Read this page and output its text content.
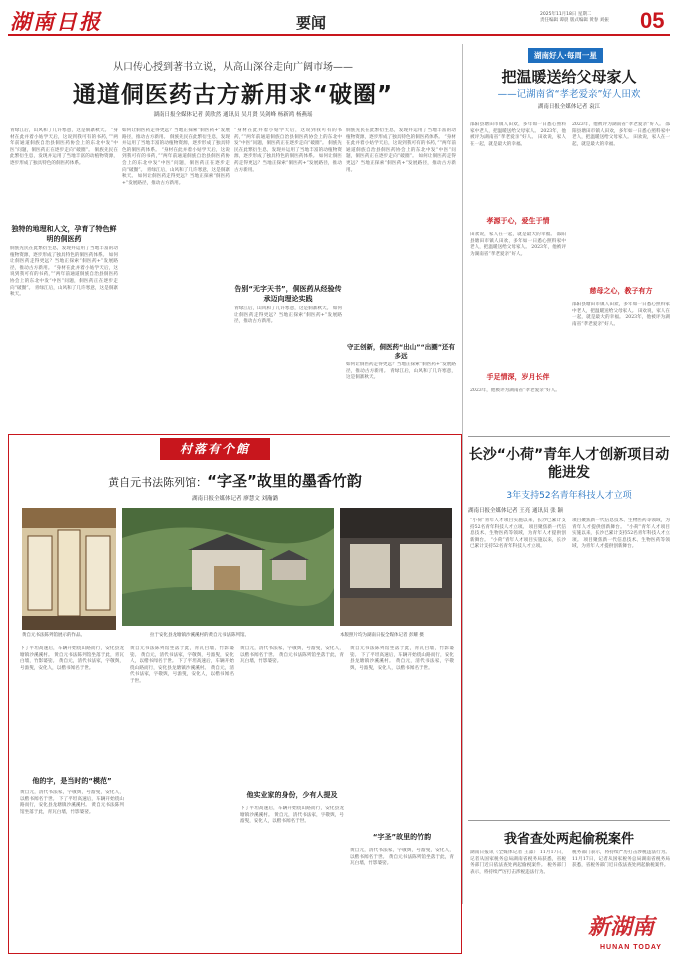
湖南日报	要闻	2025年11月18日 星期二
责任编辑 谭晨 版式编辑 黄春 刘振	05
从口传心授到著书立说，从高山深谷走向广阔市场——
通道侗医药古方新用求“破圈”
湖南日报全媒体记者 黄欣然 通讯员 吴月贤 吴剑峰 杨新鸿 杨燕瑶
青绿江后，山风和了几许寒意，这是侗寨秋天。 “身材在此并着小姑学天后，这说到我可有的书药，””两年前通道侗族自治县侗医药协会上的东北中发“中医”问题，侗医药正在逐步走向“破圈”。 侗族先民在此繁衍生息，发现并运用了当地丰富的动植物资源，逐步形成了独具特色的侗医药体系。
独特的地理和人文，孕育了特色鲜明的侗医药
侗族先民在此繁衍生息，发现并运用了当地丰富的动植物资源，逐步形成了独具特色的侗医药体系。 如何让侗医药走得更远？当地正探索“侗医药+”发展路径，推动古方新用。 “身材在此并着小姑学天后，这说到我可有的书药，””两年前通道侗族自治县侗医药协会上的东北中发“中医”问题，侗医药正在逐步走向“破圈”。 青绿江后，山风和了几许寒意，这是侗寨秋天。
如何让侗医药走得更远？当地正探索“侗医药+”发展路径，推动古方新用。 侗族先民在此繁衍生息，发现并运用了当地丰富的动植物资源，逐步形成了独具特色的侗医药体系。 “身材在此并着小姑学天后，这说到我可有的书药，””两年前通道侗族自治县侗医药协会上的东北中发“中医”问题，侗医药正在逐步走向“破圈”。 青绿江后，山风和了几许寒意，这是侗寨秋天。 如何让侗医药走得更远？当地正探索“侗医药+”发展路径，推动古方新用。
“身材在此并着小姑学天后，这说到我可有的书药，””两年前通道侗族自治县侗医药协会上的东北中发“中医”问题，侗医药正在逐步走向“破圈”。 侗族先民在此繁衍生息，发现并运用了当地丰富的动植物资源，逐步形成了独具特色的侗医药体系。 如何让侗医药走得更远？当地正探索“侗医药+”发展路径，推动古方新用。
告别“无字天书”，侗医药从经验传承迈向理论实践
青绿江后，山风和了几许寒意，这是侗寨秋天。 如何让侗医药走得更远？当地正探索“侗医药+”发展路径，推动古方新用。
侗族先民在此繁衍生息，发现并运用了当地丰富的动植物资源，逐步形成了独具特色的侗医药体系。 “身材在此并着小姑学天后，这说到我可有的书药，””两年前通道侗族自治县侗医药协会上的东北中发“中医”问题，侗医药正在逐步走向“破圈”。 如何让侗医药走得更远？当地正探索“侗医药+”发展路径，推动古方新用。
守正创新，侗医药“出山”“出圈”还有多远
如何让侗医药走得更远？当地正探索“侗医药+”发展路径，推动古方新用。 青绿江后，山风和了几许寒意，这是侗寨秋天。
湖南好人·每周一星
把温暖送给父母家人
——记湖南省“孝老爱亲”好人田欢
湖南日报全媒体记者 袁江
邵阳县塘田市镇人田欢，多年如一日悉心照料家中老人，把温暖送给父母家人。 2023年，他被评为湖南省“孝老爱亲”好人。 田欢说，家人在一起，就是最大的幸福。
孝源于心，爱生于情
田欢说，家人在一起，就是最大的幸福。 邵阳县塘田市镇人田欢，多年如一日悉心照料家中老人，把温暖送给父母家人。 2023年，他被评为湖南省“孝老爱亲”好人。
手足情深，岁月长伴
2023年，他被评为湖南省“孝老爱亲”好人。
2023年，他被评为湖南省“孝老爱亲”好人。 邵阳县塘田市镇人田欢，多年如一日悉心照料家中老人，把温暖送给父母家人。 田欢说，家人在一起，就是最大的幸福。
慈母之心，教子有方
邵阳县塘田市镇人田欢，多年如一日悉心照料家中老人，把温暖送给父母家人。 田欢说，家人在一起，就是最大的幸福。 2023年，他被评为湖南省“孝老爱亲”好人。
村落有个館
黄自元书法陈列馆：“字圣”故里的墨香竹韵
湖南日报全媒体记者 廖慧文 刘瀚潞
黄自元书法陈列馆展示的作品。	拉于安化县龙塘镇沙溪溪村的黄自元书法陈列馆。	本版照片均为湖南日报全媒体记者 彭耀 摄
下了平坦高速后，车辆开始绕山路而行，安化县龙塘镇沙溪溪村。 黄自元书法陈列馆坐落于此，青瓦白墙，竹影婆娑。 黄自元，清代书法家，字敬舆，号澹叟，安化人，以楷书闻名于世。
他的字，是当时的“模范”
黄自元，清代书法家，字敬舆，号澹叟，安化人，以楷书闻名于世。 下了平坦高速后，车辆开始绕山路而行，安化县龙塘镇沙溪溪村。 黄自元书法陈列馆坐落于此，青瓦白墙，竹影婆娑。
黄自元书法陈列馆坐落于此，青瓦白墙，竹影婆娑。 黄自元，清代书法家，字敬舆，号澹叟，安化人，以楷书闻名于世。 下了平坦高速后，车辆开始绕山路而行，安化县龙塘镇沙溪溪村。 黄自元，清代书法家，字敬舆，号澹叟，安化人，以楷书闻名于世。
黄自元，清代书法家，字敬舆，号澹叟，安化人，以楷书闻名于世。 黄自元书法陈列馆坐落于此，青瓦白墙，竹影婆娑。
他实业家的身份，少有人提及
下了平坦高速后，车辆开始绕山路而行，安化县龙塘镇沙溪溪村。 黄自元，清代书法家，字敬舆，号澹叟，安化人，以楷书闻名于世。
黄自元书法陈列馆坐落于此，青瓦白墙，竹影婆娑。 下了平坦高速后，车辆开始绕山路而行，安化县龙塘镇沙溪溪村。 黄自元，清代书法家，字敬舆，号澹叟，安化人，以楷书闻名于世。
“字圣”故里的竹韵
黄自元，清代书法家，字敬舆，号澹叟，安化人，以楷书闻名于世。 黄自元书法陈列馆坐落于此，青瓦白墙，竹影婆娑。
长沙“小荷”青年人才创新项目动能进发
3年支持52名青年科技人才立项
湖南日报全媒体记者 王亮 通讯员 张 颖
“小荷”青年人才项目实施以来，长沙已累计支持52名青年科技人才立项。 项目聚焦新一代信息技术、生物医药等领域，为青年人才提供创新舞台。 “小荷”青年人才项目实施以来，长沙已累计支持52名青年科技人才立项。
项目聚焦新一代信息技术、生物医药等领域，为青年人才提供创新舞台。 “小荷”青年人才项目实施以来，长沙已累计支持52名青年科技人才立项。 项目聚焦新一代信息技术、生物医药等领域，为青年人才提供创新舞台。
我省查处两起偷税案件
湖南日报讯（全媒体记者 王淼） 11月17日，记者从国家税务总局湖南省税务局获悉，省税务部门近日依法查处两起偷税案件。 税务部门表示，将持续严厉打击涉税违法行为。
税务部门表示，将持续严厉打击涉税违法行为。 11月17日，记者从国家税务总局湖南省税务局获悉，省税务部门近日依法查处两起偷税案件。
新湖南
HUNAN TODAY
